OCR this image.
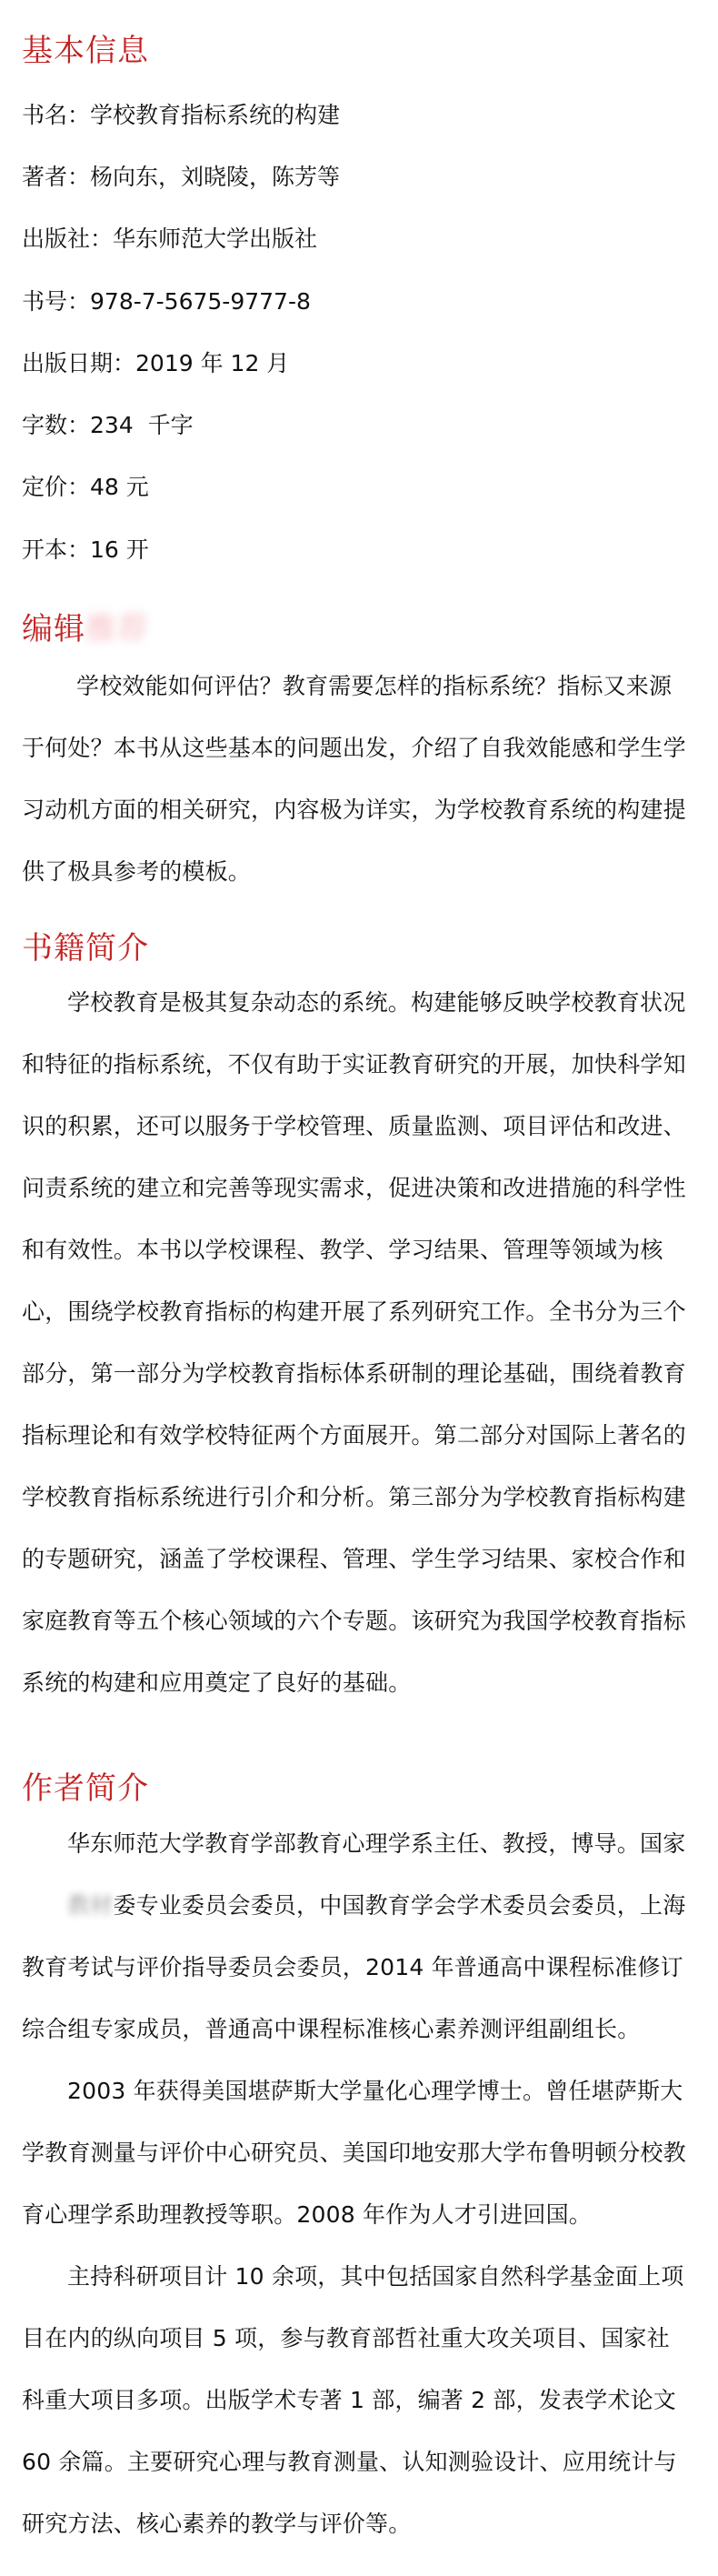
基本信息

书名：学校教育指标系统的构建

著者：杨向东，刘晓陵，陈芳等

出版社：华东师范大学出版社

书号：978-7-5675-9777-8

出版日期：2019 年 12 月

字数：234  千字

定价：48 元

开本：16 开

编辑推荐

学校效能如何评估？教育需要怎样的指标系统？指标又来源于何处？本书从这些基本的问题出发，介绍了自我效能感和学生学习动机方面的相关研究，内容极为详实，为学校教育系统的构建提供了极具参考的模板。

书籍简介

学校教育是极其复杂动态的系统。构建能够反映学校教育状况和特征的指标系统，不仅有助于实证教育研究的开展，加快科学知识的积累，还可以服务于学校管理、质量监测、项目评估和改进、问责系统的建立和完善等现实需求，促进决策和改进措施的科学性和有效性。本书以学校课程、教学、学习结果、管理等领域为核心，围绕学校教育指标的构建开展了系列研究工作。全书分为三个部分，第一部分为学校教育指标体系研制的理论基础，围绕着教育指标理论和有效学校特征两个方面展开。第二部分对国际上著名的学校教育指标系统进行引介和分析。第三部分为学校教育指标构建的专题研究，涵盖了学校课程、管理、学生学习结果、家校合作和家庭教育等五个核心领域的六个专题。该研究为我国学校教育指标系统的构建和应用奠定了良好的基础。

作者简介

华东师范大学教育学部教育心理学系主任、教授，博导。国家教材委专业委员会委员，中国教育学会学术委员会委员，上海教育考试与评价指导委员会委员，2014 年普通高中课程标准修订综合组专家成员，普通高中课程标准核心素养测评组副组长。

2003 年获得美国堪萨斯大学量化心理学博士。曾任堪萨斯大学教育测量与评价中心研究员、美国印地安那大学布鲁明顿分校教育心理学系助理教授等职。2008 年作为人才引进回国。

主持科研项目计 10 余项，其中包括国家自然科学基金面上项目在内的纵向项目 5 项，参与教育部哲社重大攻关项目、国家社科重大项目多项。出版学术专著 1 部，编著 2 部，发表学术论文 60 余篇。主要研究心理与教育测量、认知测验设计、应用统计与研究方法、核心素养的教学与评价等。
